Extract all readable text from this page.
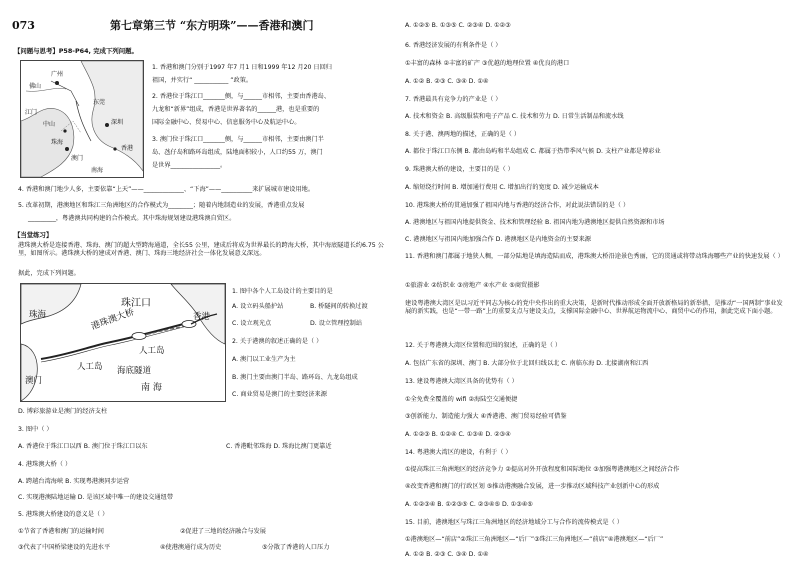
073	第七章第三节 “东方明珠”——香港和澳门
【问题与思考】P58-P64, 完成下列问题。
广州
香港
澳门
珠海
深圳
东莞
中山
江门
佛山
南海
1. 香港和澳门分别于1997 年7 月1 日和1999 年12 月20 日回归
祖国，并实行“ ___________ ”政策。
2. 香港位于珠江口_______侧，与______市相邻，主要由香港岛、
九龙和“新界”组成，香港是世界著名的______港，也是重要的
国际金融中心、贸易中心、信息服务中心及航运中心。
3. 澳门位于珠江口_______侧，与______市相邻，主要由澳门半
岛、氹仔岛和路环岛组成，陆地面积较小，人口约55 万，澳门
是世界________________。
4. 香港和澳门地少人多，主要依靠“上天”——_____________、“下海”——__________来扩展城市建设用地。
5. 改革初期，港澳地区和珠江三角洲地区的合作模式为________；随着内地制造业的发展，香港重点发展
_________，粤港澳共同构建的合作模式。其中珠海规划建设港珠澳自贸区。
【当堂练习】
港珠澳大桥是连接香港、珠海、澳门的超大型跨海通道，全长55 公里，建成后将成为世界最长的跨海大桥，其中海底隧道长约6.75 公里，如图所示。港珠澳大桥的建成对香港、澳门、珠海三地经济社会一体化发展意义深远。
据此，完成下列问题。
珠江口
珠海	港珠澳大桥
人工岛
人工岛 海底隧道
香港
澳门
南 海
1. 图中各个人工岛设计的主要目的是
A. 设立码头船护站	B. 桥隧间的转换过渡
C. 设立观光点	D. 设立管理控制站
2. 关于港澳的叙述正确的是（ ）
A. 澳门以工业生产为主
B. 澳门主要由澳门半岛、路环岛、九龙岛组成
C. 商业贸易是澳门的主要经济来源
D. 博彩旅游业是澳门的经济支柱
3. 图中（ ）
A. 香港位于珠江口以西 B. 澳门位于珠江口以东	C. 香港毗邻珠海 D. 珠海比澳门更靠近
4. 港珠澳大桥（ ）
A. 跨越台湾海峡 B. 实现粤港澳同步运营
C. 实现港澳陆地运输 D. 是该区域中唯一的建设交通纽带
5. 港珠澳大桥建设的意义是（ ）
①节省了香港和澳门的运输时间	②促进了三地的经济融合与发展
③代表了中国桥梁建设的先进水平	④使港澳通行成为历史	⑤分散了香港的人口压力
A. ①②⑤ B. ①③⑤ C. ②③④ D. ①②③
6. 香港经济发展的有利条件是（ ）
①丰富的森林 ②丰富的矿产 ③优越的地理位置 ④优良的港口
A. ①② B. ②③ C. ③④ D. ①④
7. 香港最具有竞争力的产业是（ ）
A. 技术和资金 B. 高级服装和电子产品 C. 技术和劳力 D. 日常生活制品和流水线
8. 关于港、澳两地的描述，正确的是（ ）
A. 都位于珠江口东侧 B. 都由岛屿和半岛组成 C. 都属于热带季风气候 D. 支柱产业都是博彩业
9. 珠港澳大桥的建设，主要目的是（ ）
A. 缩短绕行时间 B. 增加通行费用 C. 增加出行的宽度 D. 减少运输成本
10. 港珠澳大桥的贯通加强了祖国内地与香港的经济合作，对此说法错误的是（ ）
A. 港澳地区与祖国内地提供资金、技术和管理经验 B. 祖国内地为港澳地区提供自然资源和市场
C. 港澳地区与祖国内地加强合作 D. 港澳地区是内地资金的主要来源
11. 香港和澳门都属于地狭人稠，一部分陆地是填海造陆而成，港珠澳大桥沿途景色秀丽，它的贯通或将带动珠海哪些产业的快速发展（ ）
①旅游业 ②纺织业 ③房地产 ④水产业 ⑤商贸摄影
建设粤港澳大湾区是以习近平同志为核心的党中央作出的重大决策，是新时代推动形成全面开放新格局的新举措，是推动“一国两制”事业发展的新实践，也是“一带一路”上的重要支点与建设支点，支撑国际金融中心、世界航运物流中心、商贸中心的作用，据此完成下面小题。
12. 关于粤港澳大湾区位置和范围的叙述，正确的是（ ）
A. 包括广东省的深圳、澳门 B. 大部分位于北回归线以北 C. 南临东海 D. 北接湖南和江西
13. 建设粤港澳大湾区具备的优势有（ ）
①全免费全覆盖的 wifi ②海陆空交通便捷
③创新能力、制造能力强大 ④香港港、澳门贸易经验可借鉴
A. ①②③ B. ①②④ C. ①③④ D. ②③④
14. 粤港澳大湾区的建设，有利于（ ）
①提高珠江三角洲地区的经济竞争力 ②提高对外开放程度和国际地位 ③加强粤港澳地区之间经济合作
④改变香港和澳门的行政区划 ⑤推动港澳融合发展，进一步推动区域科技产业创新中心的形成
A. ①②③④ B. ①②③⑤ C. ②③④⑤ D. ①③④⑤
15. 目前，港澳地区与珠江三角洲地区的经济地域分工与合作的流传模式是（ ）
①港澳地区—“前店”②珠江三角洲地区—“后厂”③珠江三角洲地区—“前店”④港澳地区—“后厂”
A. ①② B. ②③ C. ③④ D. ①④
